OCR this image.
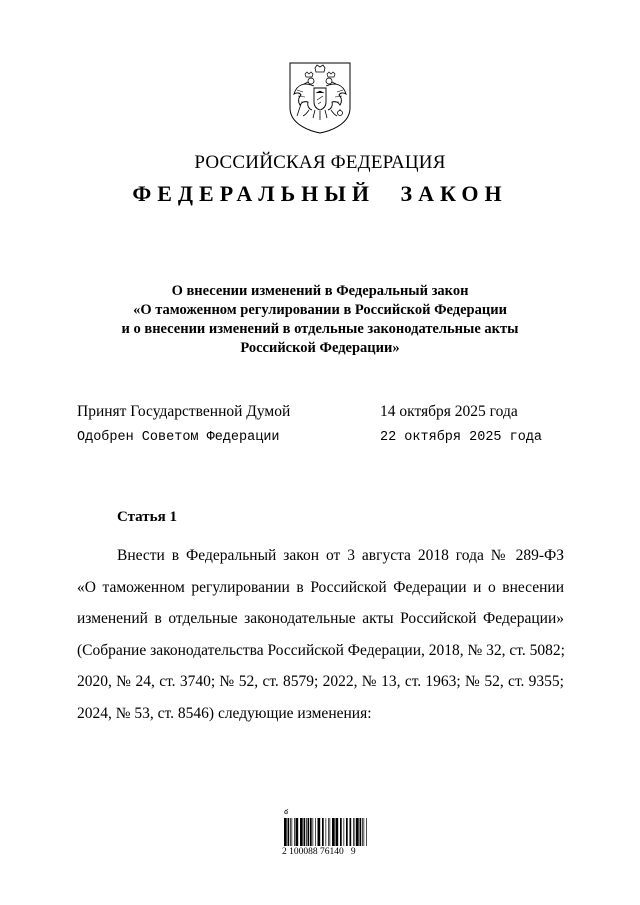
РОССИЙСКАЯ ФЕДЕРАЦИЯ
ФЕДЕРАЛЬНЫЙ ЗАКОН
О внесении изменений в Федеральный закон
«О таможенном регулировании в Российской Федерации
и о внесении изменений в отдельные законодательные акты
Российской Федерации»
Принят Государственной Думой	14 октября 2025 года
Одобрен Советом Федерации	22 октября 2025 года
Статья 1
Внести в Федеральный закон от 3 августа 2018 года № 289-ФЗ
«О таможенном регулировании в Российской Федерации и о внесении
изменений в отдельные законодательные акты Российской Федерации»
(Собрание законодательства Российской Федерации, 2018, № 32, ст. 5082;
2020, № 24, ст. 3740; № 52, ст. 8579; 2022, № 13, ст. 1963; № 52, ст. 9355;
2024, № 53, ст. 8546) следующие изменения:
ఠ
2 100088 76140   9
